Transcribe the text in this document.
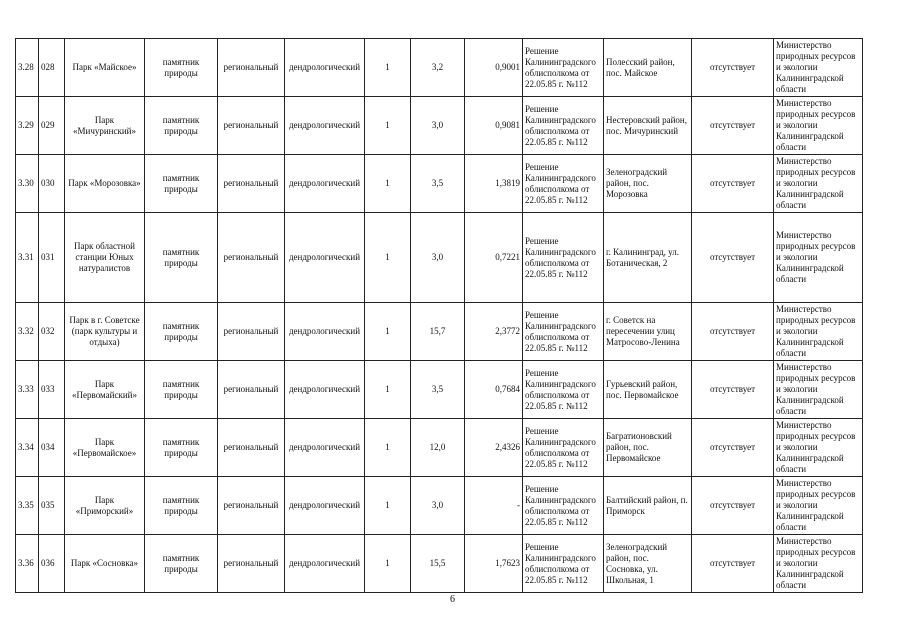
3.28	028	Парк «Майское»	памятник природы	региональный	дендрологический	1	3,2	0,9001	Решение Калининградского облисполкома от 22.05.85 г. №112	Полесский район, пос. Майское	отсутствует	Министерство природных ресурсов и экологии Калининградской области
3.29	029	Парк «Мичуринский»	памятник природы	региональный	дендрологический	1	3,0	0,9081	Решение Калининградского облисполкома от 22.05.85 г. №112	Нестеровский район, пос. Мичуринский	отсутствует	Министерство природных ресурсов и экологии Калининградской области
3.30	030	Парк «Морозовка»	памятник природы	региональный	дендрологический	1	3,5	1,3819	Решение Калининградского облисполкома от 22.05.85 г. №112	Зеленоградский район, пос. Морозовка	отсутствует	Министерство природных ресурсов и экологии Калининградской области
3.31	031	Парк областной станции Юных натуралистов	памятник природы	региональный	дендрологический	1	3,0	0,7221	Решение Калининградского облисполкома от 22.05.85 г. №112	г. Калининград, ул. Ботаническая, 2	отсутствует	Министерство природных ресурсов и экологии Калининградской области
3.32	032	Парк в г. Советске (парк культуры и отдыха)	памятник природы	региональный	дендрологический	1	15,7	2,3772	Решение Калининградского облисполкома от 22.05.85 г. №112	г. Советск на пересечении улиц Матросово-Ленина	отсутствует	Министерство природных ресурсов и экологии Калининградской области
3.33	033	Парк «Первомайский»	памятник природы	региональный	дендрологический	1	3,5	0,7684	Решение Калининградского облисполкома от 22.05.85 г. №112	Гурьевский район, пос. Первомайское	отсутствует	Министерство природных ресурсов и экологии Калининградской области
3.34	034	Парк «Первомайское»	памятник природы	региональный	дендрологический	1	12,0	2,4326	Решение Калининградского облисполкома от 22.05.85 г. №112	Багратионовский район, пос. Первомайское	отсутствует	Министерство природных ресурсов и экологии Калининградской области
3.35	035	Парк «Приморский»	памятник природы	региональный	дендрологический	1	3,0	-	Решение Калининградского облисполкома от 22.05.85 г. №112	Балтийский район, п. Приморск	отсутствует	Министерство природных ресурсов и экологии Калининградской области
3.36	036	Парк «Сосновка»	памятник природы	региональный	дендрологический	1	15,5	1,7623	Решение Калининградского облисполкома от 22.05.85 г. №112	Зеленоградский район, пос. Сосновка, ул. Школьная, 1	отсутствует	Министерство природных ресурсов и экологии Калининградской области
6
